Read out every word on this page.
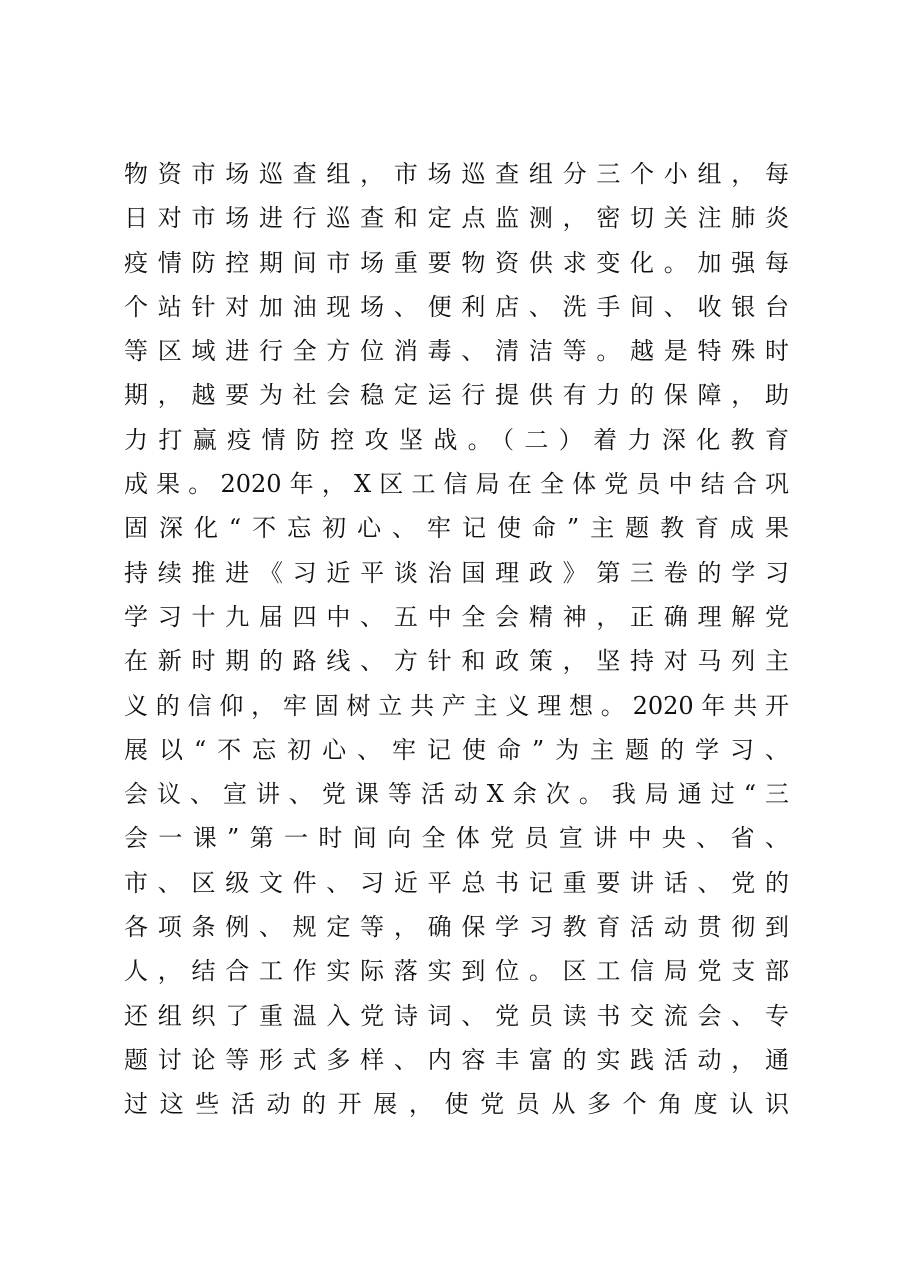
物资市场巡查组，市场巡查组分三个小组，每
日对市场进行巡查和定点监测，密切关注肺炎
疫情防控期间市场重要物资供求变化。加强每
个站针对加油现场、便利店、洗手间、收银台
等区域进行全方位消毒、清洁等。越是特殊时
期，越要为社会稳定运行提供有力的保障，助
力打赢疫情防控攻坚战。（二）着力深化教育
成果。2020年，X区工信局在全体党员中结合巩
固深化“不忘初心、牢记使命”主题教育成果
持续推进《习近平谈治国理政》第三卷的学习
学习十九届四中、五中全会精神，正确理解党
在新时期的路线、方针和政策，坚持对马列主
义的信仰，牢固树立共产主义理想。2020年共开
展以“不忘初心、牢记使命”为主题的学习、
会议、宣讲、党课等活动X余次。我局通过“三
会一课”第一时间向全体党员宣讲中央、省、
市、区级文件、习近平总书记重要讲话、党的
各项条例、规定等，确保学习教育活动贯彻到
人，结合工作实际落实到位。区工信局党支部
还组织了重温入党诗词、党员读书交流会、专
题讨论等形式多样、内容丰富的实践活动，通
过这些活动的开展，使党员从多个角度认识
